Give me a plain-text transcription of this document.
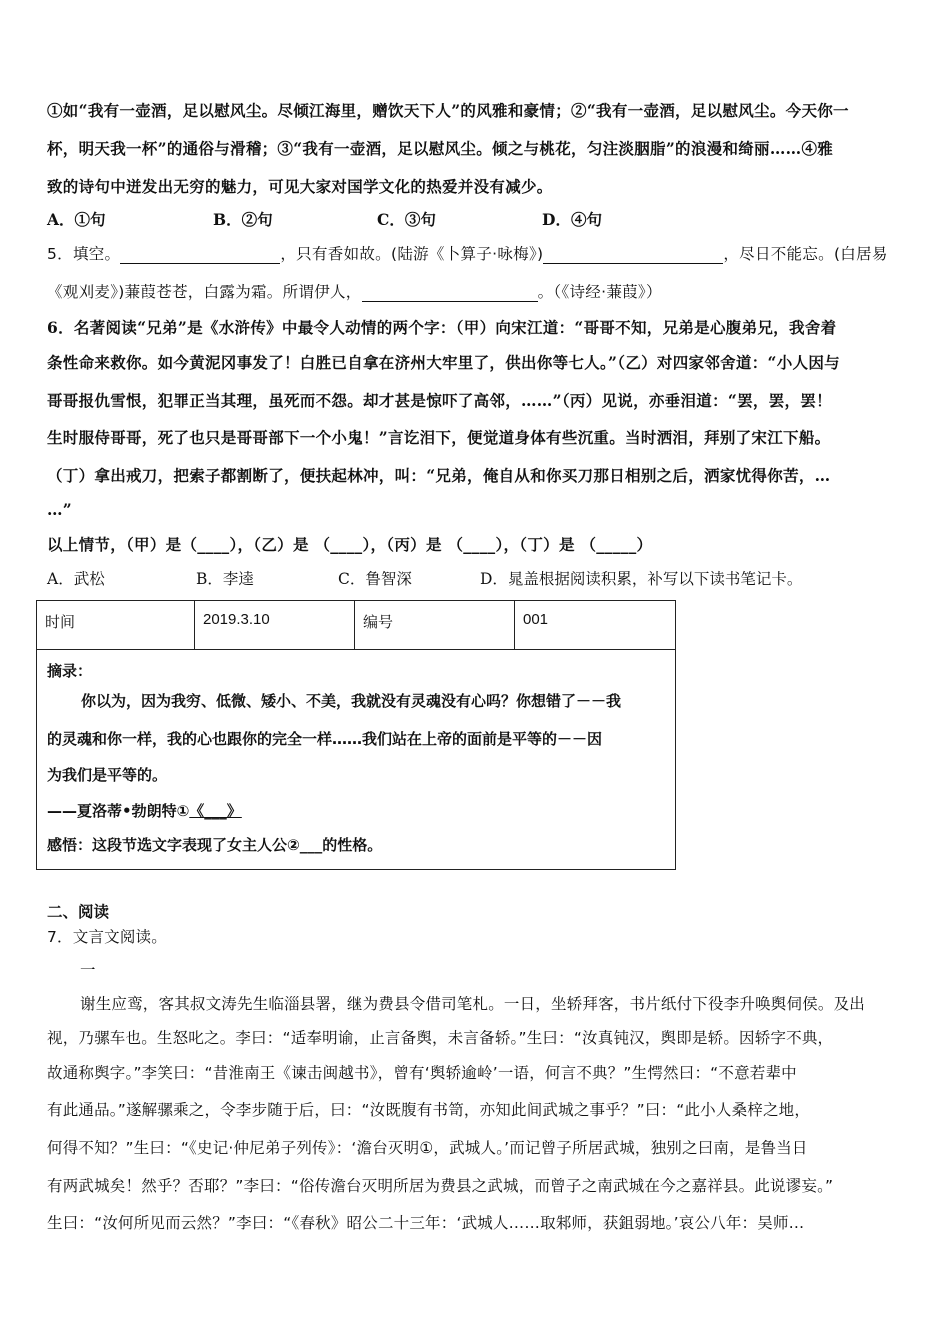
①如“我有一壶酒，足以慰风尘。尽倾江海里，赠饮天下人”的风雅和豪情；②“我有一壶酒，足以慰风尘。今天你一
杯，明天我一杯”的通俗与滑稽；③“我有一壶酒，足以慰风尘。倾之与桃花，匀注淡胭脂”的浪漫和绮丽……④雅
致的诗句中迸发出无穷的魅力，可见大家对国学文化的热爱并没有减少。
A．①句	B．②句	C．③句	D．④句
5．填空。	，只有香如故。(陆游《卜算子·咏梅》)	，尽日不能忘。(白居易
《观刈麦》)蒹葭苍苍，白露为霜。所谓伊人，	。（《诗经·蒹葭》）
6．名著阅读“兄弟”是《水浒传》中最令人动情的两个字：（甲）向宋江道：“哥哥不知，兄弟是心腹弟兄，我舍着
条性命来救你。如今黄泥冈事发了！白胜已自拿在济州大牢里了，供出你等七人。”（乙）对四家邻舍道：“小人因与
哥哥报仇雪恨，犯罪正当其理，虽死而不怨。却才甚是惊吓了高邻，……”（丙）见说，亦垂泪道：“罢，罢，罢！
生时服侍哥哥，死了也只是哥哥部下一个小鬼！”言讫泪下，便觉道身体有些沉重。当时洒泪，拜别了宋江下船。
（丁）拿出戒刀，把索子都割断了，便扶起林冲，叫：“兄弟，俺自从和你买刀那日相别之后，洒家忧得你苦，…
…”
以上情节，（甲）是（____），（乙）是 （____），（丙）是 （____），（丁）是 （_____）
A．武松	B．李逵	C．鲁智深	D．晁盖根据阅读积累，补写以下读书笔记卡。
时间	2019.3.10	编号	001
摘录：
你以为，因为我穷、低微、矮小、不美，我就没有灵魂没有心吗？你想错了－－我
的灵魂和你一样，我的心也跟你的完全一样……我们站在上帝的面前是平等的－－因
为我们是平等的。
——夏洛蒂•勃朗特①《___》
感悟：这段节选文字表现了女主人公②___的性格。
二、阅读
7．文言文阅读。
一
谢生应鸾，客其叔文涛先生临淄县署，继为费县令借司笔札。一日，坐轿拜客，书片纸付下役李升唤舆伺侯。及出
视，乃骡车也。生怒叱之。李曰：“适奉明谕，止言备舆，未言备轿。”生曰：“汝真钝汉，舆即是轿。因轿字不典，
故通称舆字。”李笑曰：“昔淮南王《谏击闽越书》，曾有‘舆轿逾岭’一语，何言不典？”生愕然曰：“不意若辈中
有此通品。”遂解骡乘之，令李步随于后，曰：“汝既腹有书笥，亦知此间武城之事乎？”曰：“此小人桑梓之地，
何得不知？”生曰：“《史记·仲尼弟子列传》：‘澹台灭明①，武城人。’而记曾子所居武城，独别之曰南，是鲁当日
有两武城矣！然乎？否耶？”李曰：“俗传澹台灭明所居为费县之武城，而曾子之南武城在今之嘉祥县。此说谬妄。”
生曰：“汝何所见而云然？”李曰：“《春秋》昭公二十三年：‘武城人……取邾师，获鉏弱地。’哀公八年：吴师…
